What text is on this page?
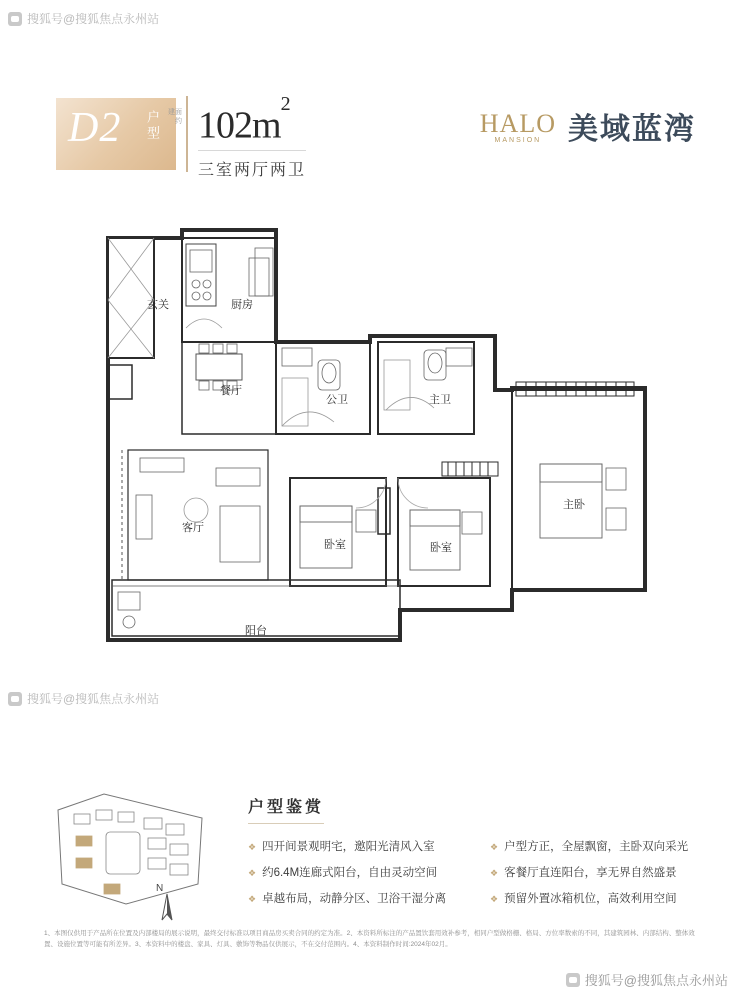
搜狐号@搜狐焦点永州站
搜狐号@搜狐焦点永州站
搜狐号@搜狐焦点永州站
D2 户型	建面
约 $102m^2$
三室两厅两卫
HALO
MANSION 美域蓝湾
玄关	厨房
餐厅
公卫	主卫
客厅
卧室	卧室
主卧
阳台
N
户型鉴赏
❖ 四开间景观明宅，邀阳光清风入室
❖ 约6.4M连廊式阳台，自由灵动空间
❖ 卓越布局，动静分区、卫浴干湿分离
❖ 户型方正，全屋飘窗，主卧双向采光
❖ 客餐厅直连阳台，享无界自然盛景
❖ 预留外置冰箱机位，高效利用空间
1、本图仅供用于产品所在位置及内部楼局的展示说明，最终交付标准以项目商品房买卖合同的约定为准。2、本资料所标注的产品置饮套用效补参考，相同户型做格栅、格局、方位率数索的不同，其建筑园林、内部结构、整体效置、设施位置等可能有所差异。3、本资料中的楼盘、家具、灯具、敷饰等物品仅供展示，不在交付范围内。4、本资料制作时间:2024年02月。
